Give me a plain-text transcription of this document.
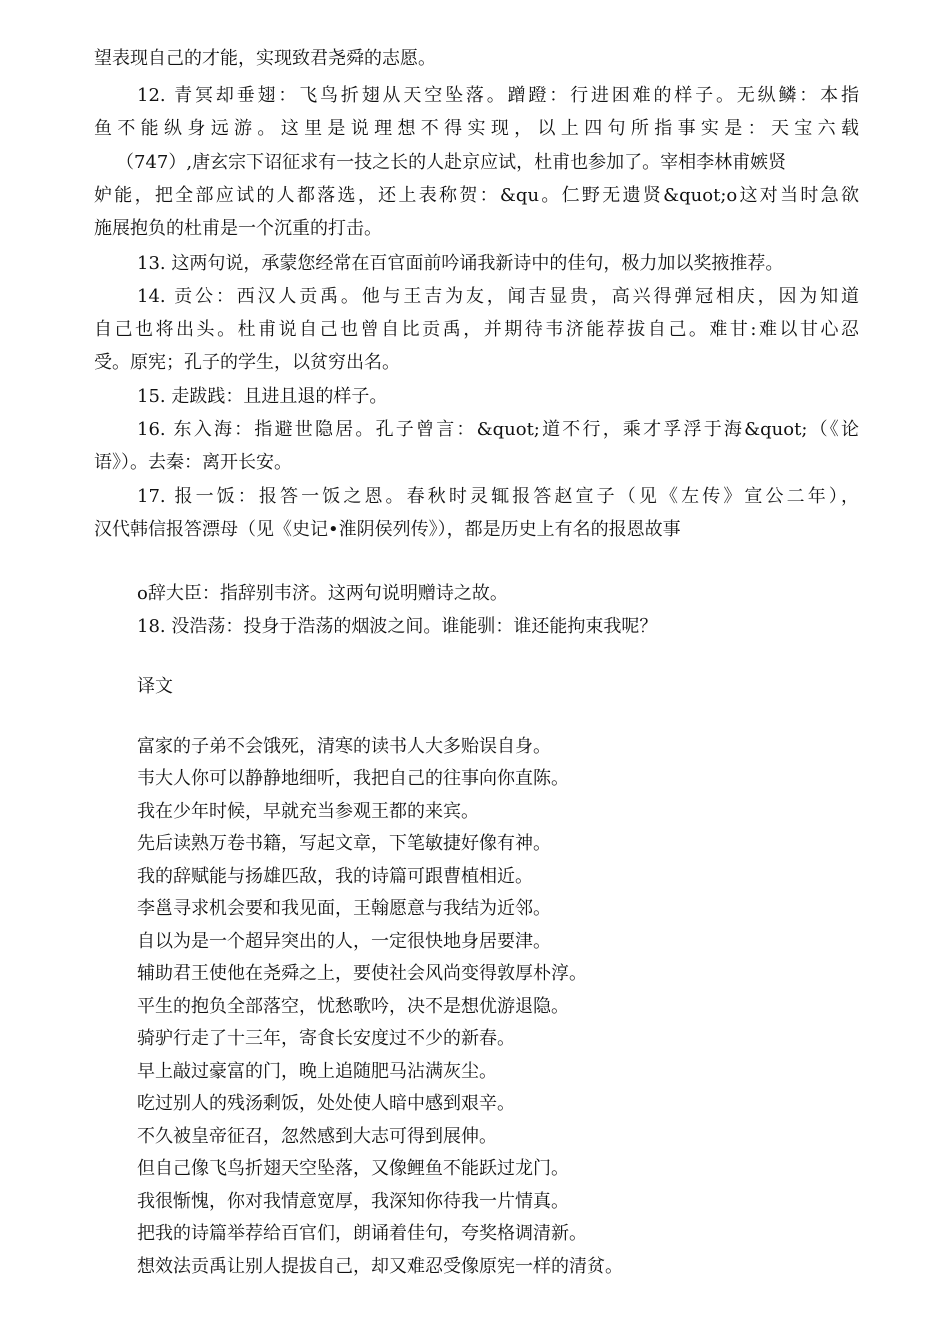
望表现自己的才能，实现致君尧舜的志愿。
12. 青冥却垂翅：飞鸟折翅从天空坠落。蹭蹬：行进困难的样子。无纵鳞：本指
鱼不能纵身远游。这里是说理想不得实现，以上四句所指事实是：天宝六载
（747）,唐玄宗下诏征求有一技之长的人赴京应试，杜甫也参加了。宰相李林甫嫉贤
妒能，把全部应试的人都落选，还上表称贺：&qu。仁野无遗贤&quot;o这对当时急欲
施展抱负的杜甫是一个沉重的打击。
13. 这两句说，承蒙您经常在百官面前吟诵我新诗中的佳句，极力加以奖掖推荐。
14. 贡公：西汉人贡禹。他与王吉为友，闻吉显贵，高兴得弹冠相庆，因为知道
自己也将出头。杜甫说自己也曾自比贡禹，并期待韦济能荐拔自己。难甘:难以甘心忍
受。原宪；孔子的学生，以贫穷出名。
15. 走跋践：且进且退的样子。
16. 东入海：指避世隐居。孔子曾言：&quot;道不行，乘才孚浮于海&quot;（《论
语》）。去秦：离开长安。
17. 报一饭：报答一饭之恩。春秋时灵辄报答赵宣子（见《左传》宣公二年），
汉代韩信报答漂母（见《史记•淮阴侯列传》），都是历史上有名的报恩故事
o辞大臣：指辞别韦济。这两句说明赠诗之故。
18. 没浩荡：投身于浩荡的烟波之间。谁能驯：谁还能拘束我呢？
译文
富家的子弟不会饿死，清寒的读书人大多贻误自身。
韦大人你可以静静地细听，我把自己的往事向你直陈。
我在少年时候，早就充当参观王都的来宾。
先后读熟万卷书籍，写起文章，下笔敏捷好像有神。
我的辞赋能与扬雄匹敌，我的诗篇可跟曹植相近。
李邕寻求机会要和我见面，王翰愿意与我结为近邻。
自以为是一个超异突出的人，一定很快地身居要津。
辅助君王使他在尧舜之上，要使社会风尚变得敦厚朴淳。
平生的抱负全部落空，忧愁歌吟，决不是想优游退隐。
骑驴行走了十三年，寄食长安度过不少的新春。
早上敲过豪富的门，晚上追随肥马沾满灰尘。
吃过别人的残汤剩饭，处处使人暗中感到艰辛。
不久被皇帝征召，忽然感到大志可得到展伸。
但自己像飞鸟折翅天空坠落，又像鲤鱼不能跃过龙门。
我很惭愧，你对我情意宽厚，我深知你待我一片情真。
把我的诗篇举荐给百官们，朗诵着佳句，夸奖格调清新。
想效法贡禹让别人提拔自己，却又难忍受像原宪一样的清贫。
